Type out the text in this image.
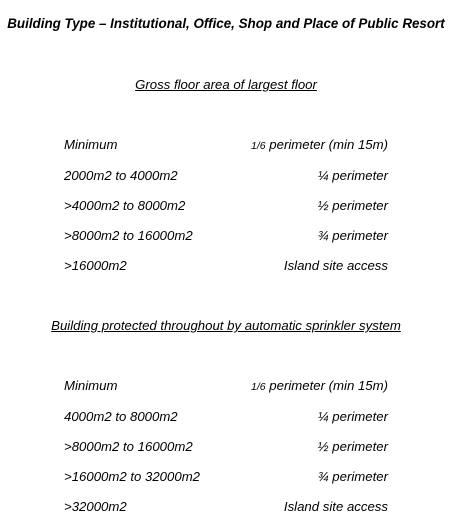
Building Type – Institutional, Office, Shop and Place of Public Resort
Gross floor area of largest floor
Minimum	1/6 perimeter (min 15m)
2000m2 to 4000m2	¼ perimeter
>4000m2 to 8000m2	½ perimeter
>8000m2 to 16000m2	¾ perimeter
>16000m2	Island site access
Building protected throughout by automatic sprinkler system
Minimum	1/6 perimeter (min 15m)
4000m2 to 8000m2	¼ perimeter
>8000m2 to 16000m2	½ perimeter
>16000m2 to 32000m2	¾ perimeter
>32000m2	Island site access
